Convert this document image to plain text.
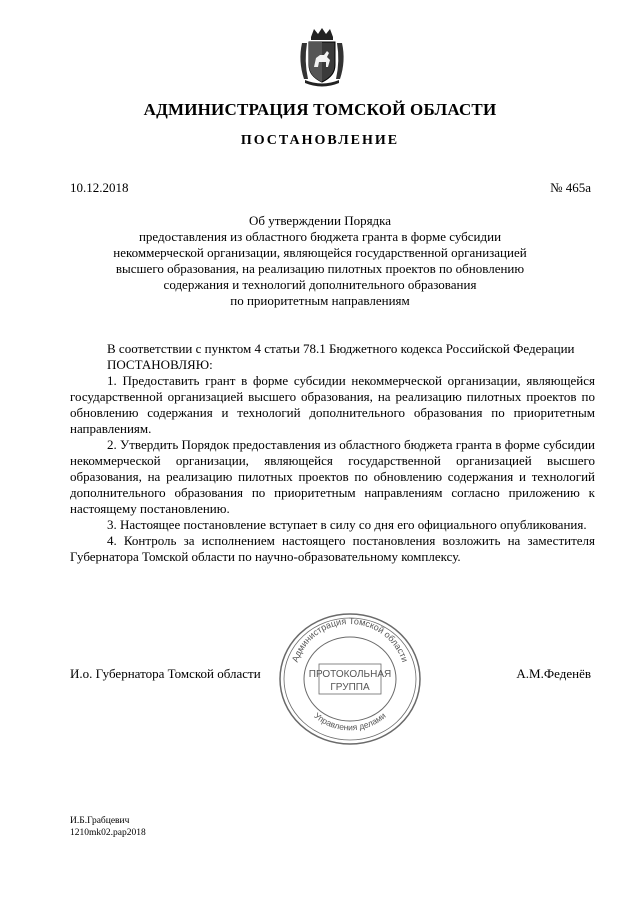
АДМИНИСТРАЦИЯ ТОМСКОЙ ОБЛАСТИ
ПОСТАНОВЛЕНИЕ
10.12.2018	№ 465а
Об утверждении Порядка
предоставления из областного бюджета гранта в форме субсидии
некоммерческой организации, являющейся государственной организацией
высшего образования, на реализацию пилотных проектов по обновлению
содержания и технологий дополнительного образования
по приоритетным направлениям

В соответствии с пунктом 4 статьи 78.1 Бюджетного кодекса Российской Федерации

ПОСТАНОВЛЯЮ:

1. Предоставить грант в форме субсидии некоммерческой организации, являющейся государственной организацией высшего образования, на реализацию пилотных проектов по обновлению содержания и технологий дополнительного образования по приоритетным направлениям.

2. Утвердить Порядок предоставления из областного бюджета гранта в форме субсидии некоммерческой организации, являющейся государственной организацией высшего образования, на реализацию пилотных проектов по обновлению содержания и технологий дополнительного образования по приоритетным направлениям согласно приложению к настоящему постановлению.

3. Настоящее постановление вступает в силу со дня его официального опубликования.

4. Контроль за исполнением настоящего постановления возложить на заместителя Губернатора Томской области по научно-образовательному комплексу.

И.о. Губернатора Томской области	А.М.Феденёв
Администрация Томской области
Управления делами
ПРОТОКОЛЬНАЯ
ГРУППА
И.Б.Грабцевич
1210mk02.pap2018
